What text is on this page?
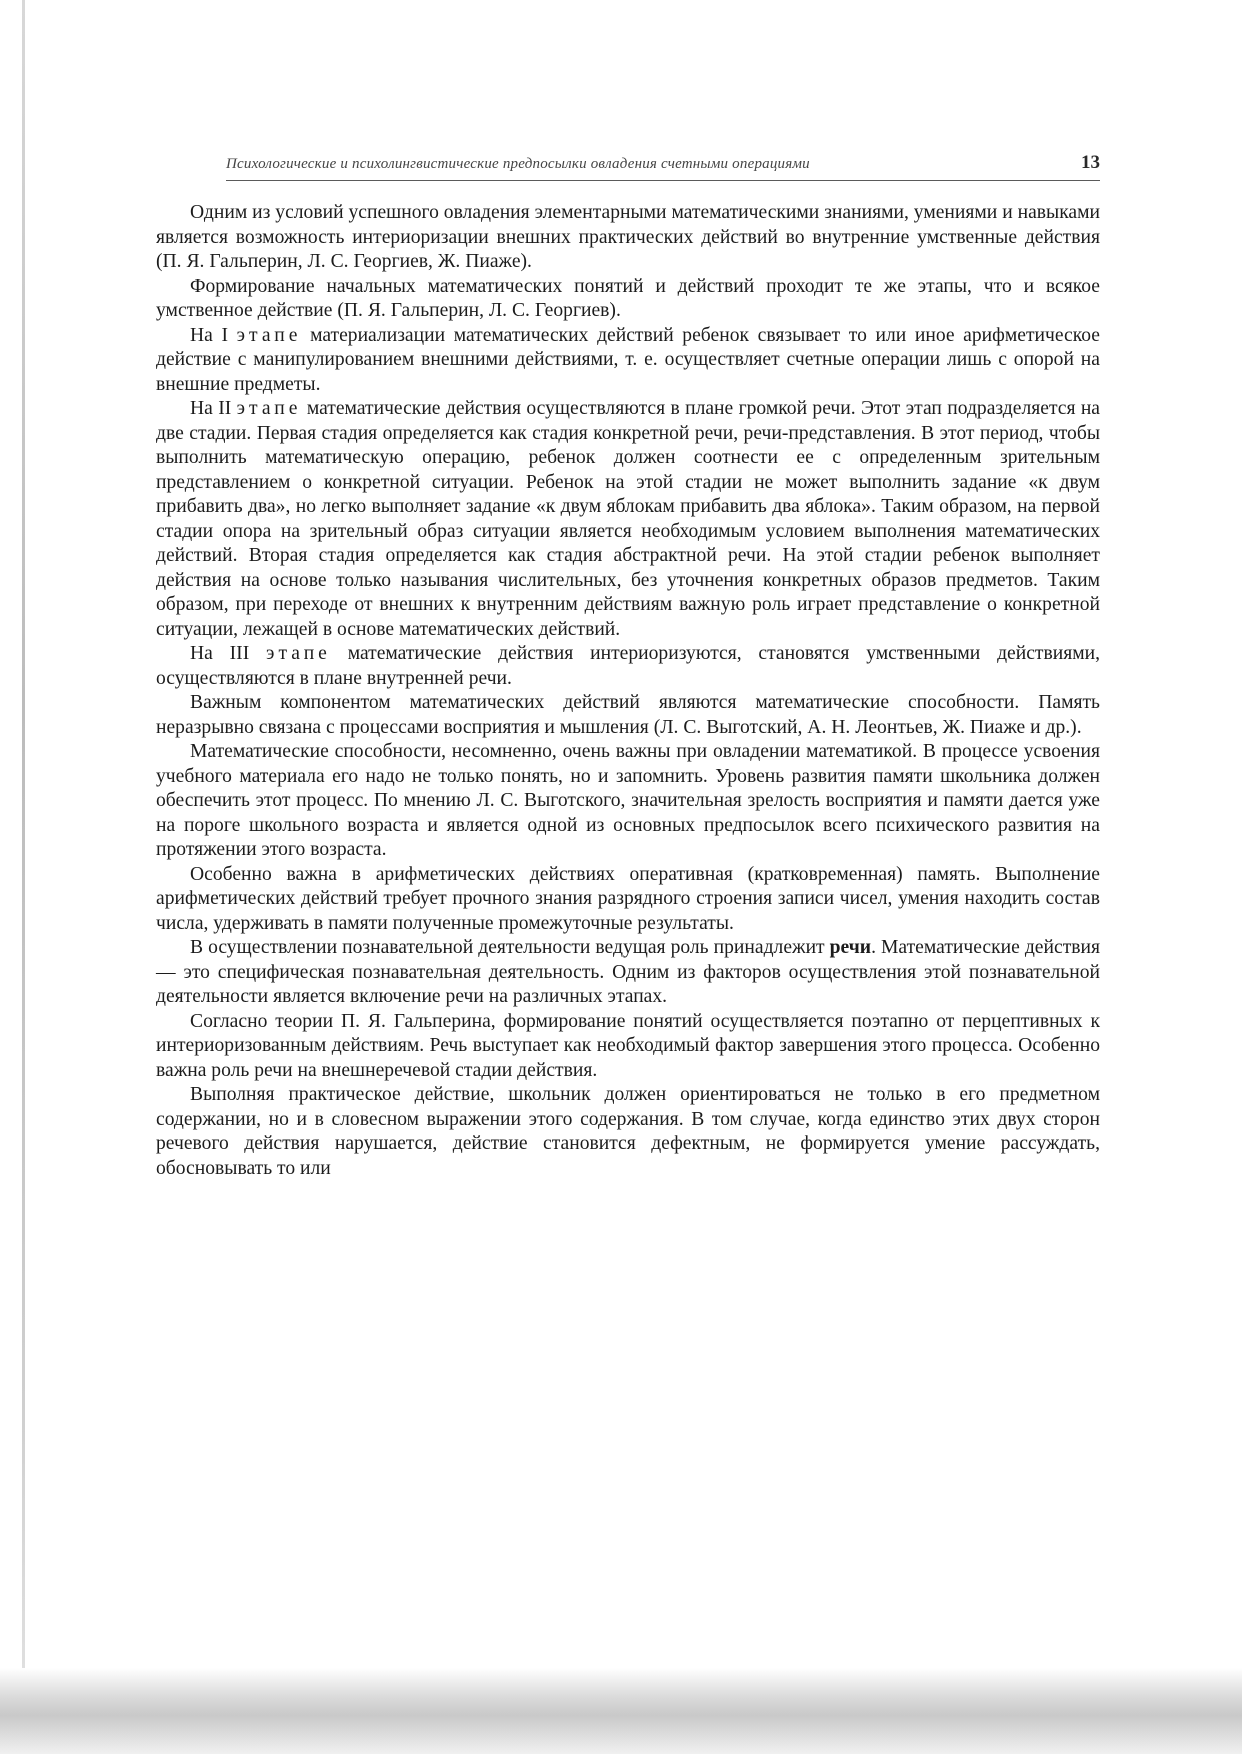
Психологические и психолингвистические предпосылки овладения счетными операциями	13

Одним из условий успешного овладения элементарными математическими знаниями, умениями и навыками является возможность интериоризации внешних практических действий во внутренние умственные действия (П. Я. Гальперин, Л. С. Георгиев, Ж. Пиаже).

Формирование начальных математических понятий и действий проходит те же этапы, что и всякое умственное действие (П. Я. Гальперин, Л. С. Георгиев).

На I этапе материализации математических действий ребенок связывает то или иное арифметическое действие с манипулированием внешними действиями, т. е. осуществляет счетные операции лишь с опорой на внешние предметы.

На II этапе математические действия осуществляются в плане громкой речи. Этот этап подразделяется на две стадии. Первая стадия определяется как стадия конкретной речи, речи-представления. В этот период, чтобы выполнить математическую операцию, ребенок должен соотнести ее с определенным зрительным представлением о конкретной ситуации. Ребенок на этой стадии не может выполнить задание «к двум прибавить два», но легко выполняет задание «к двум яблокам прибавить два яблока». Таким образом, на первой стадии опора на зрительный образ ситуации является необходимым условием выполнения математических действий. Вторая стадия определяется как стадия абстрактной речи. На этой стадии ребенок выполняет действия на основе только называния числительных, без уточнения конкретных образов предметов. Таким образом, при переходе от внешних к внутренним действиям важную роль играет представление о конкретной ситуации, лежащей в основе математических действий.

На III этапе математические действия интериоризуются, становятся умственными действиями, осуществляются в плане внутренней речи.

Важным компонентом математических действий являются математические способности. Память неразрывно связана с процессами восприятия и мышления (Л. С. Выготский, А. Н. Леонтьев, Ж. Пиаже и др.).

Математические способности, несомненно, очень важны при овладении математикой. В процессе усвоения учебного материала его надо не только понять, но и запомнить. Уровень развития памяти школьника должен обеспечить этот процесс. По мнению Л. С. Выготского, значительная зрелость восприятия и памяти дается уже на пороге школьного возраста и является одной из основных предпосылок всего психического развития на протяжении этого возраста.

Особенно важна в арифметических действиях оперативная (кратковременная) память. Выполнение арифметических действий требует прочного знания разрядного строения записи чисел, умения находить состав числа, удерживать в памяти полученные промежуточные результаты.

В осуществлении познавательной деятельности ведущая роль принадлежит речи. Математические действия — это специфическая познавательная деятельность. Одним из факторов осуществления этой познавательной деятельности является включение речи на различных этапах.

Согласно теории П. Я. Гальперина, формирование понятий осуществляется поэтапно от перцептивных к интериоризованным действиям. Речь выступает как необходимый фактор завершения этого процесса. Особенно важна роль речи на внешнеречевой стадии действия.

Выполняя практическое действие, школьник должен ориентироваться не только в его предметном содержании, но и в словесном выражении этого содержания. В том случае, когда единство этих двух сторон речевого действия нарушается, действие становится дефектным, не формируется умение рассуждать, обосновывать то или
